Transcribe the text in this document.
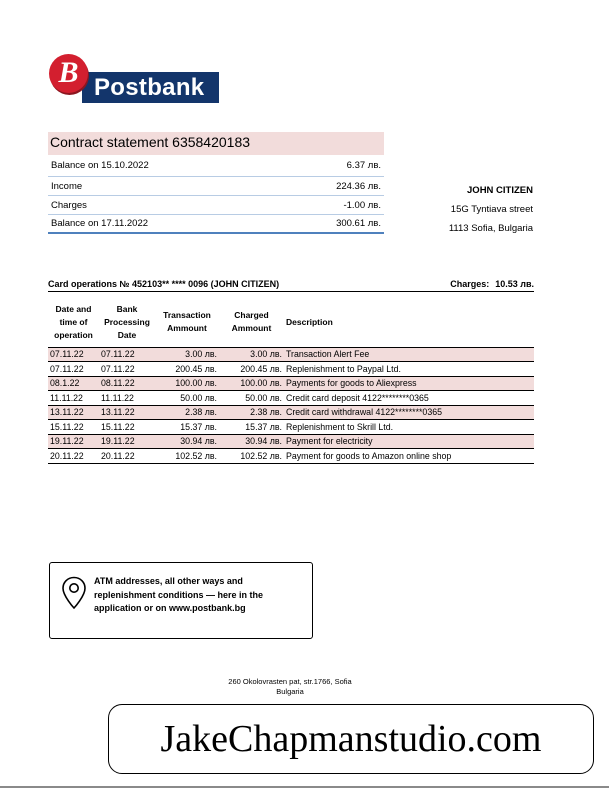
Postbank
B
Contract statement 6358420183
Balance on 15.10.2022	6.37 лв.
Income	224.36 лв.
Charges	-1.00 лв.
Balance on 17.11.2022	300.61 лв.
JOHN CITIZEN
15G Tyntiava street
1113 Sofia, Bulgaria
Card operations № 452103** **** 0096 (JOHN CITIZEN)	Charges: 10.53 лв.
Date and time of operation	Bank Processing Date	Transaction Ammount	Charged Ammount	Description
07.11.22	07.11.22	3.00 лв.	3.00 лв.	Transaction Alert Fee
07.11.22	07.11.22	200.45 лв.	200.45 лв.	Replenishment to Paypal Ltd.
08.1.22	08.11.22	100.00 лв.	100.00 лв.	Payments for goods to Aliexpress
11.11.22	11.11.22	50.00 лв.	50.00 лв.	Credit card deposit 4122********0365
13.11.22	13.11.22	2.38 лв.	2.38 лв.	Credit card withdrawal 4122********0365
15.11.22	15.11.22	15.37 лв.	15.37 лв.	Replenishment to Skrill Ltd.
19.11.22	19.11.22	30.94 лв.	30.94 лв.	Payment for electricity
20.11.22	20.11.22	102.52 лв.	102.52 лв.	Payment for goods to Amazon online shop
ATM addresses, all other ways and replenishment conditions — here in the application or on www.postbank.bg
260 Okolovrasten pat, str.1766, Sofia
Bulgaria
JakeChapmanstudio.com
